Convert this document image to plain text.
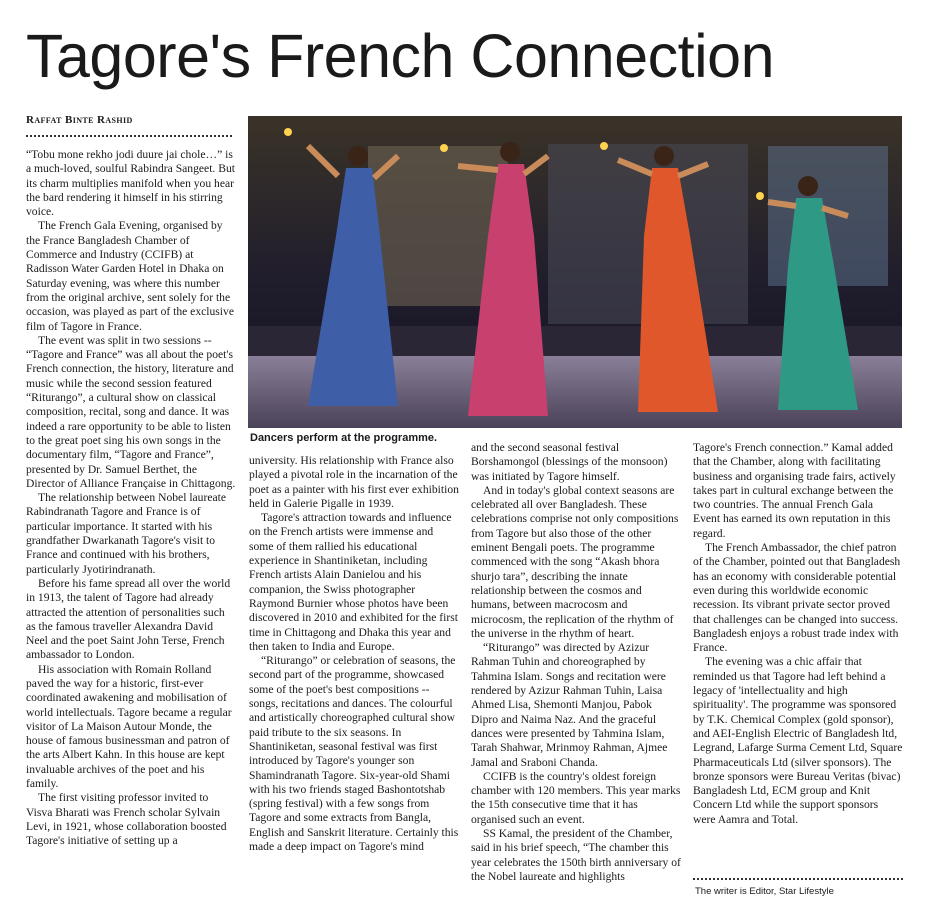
Tagore's French Connection
Raffat Binte Rashid
Dancers perform at the programme.

“Tobu mone rekho jodi duure jai chole…” is a much-loved, soulful Rabindra Sangeet. But its charm multiplies manifold when you hear the bard rendering it himself in his stirring voice.

The French Gala Evening, organised by the France Bangladesh Chamber of Commerce and Industry (CCIFB) at Radisson Water Garden Hotel in Dhaka on Saturday evening, was where this number from the original archive, sent solely for the occasion, was played as part of the exclusive film of Tagore in France.

The event was split in two sessions -- “Tagore and France” was all about the poet's French connection, the history, literature and music while the second session featured “Riturango”, a cultural show on classical composition, recital, song and dance. It was indeed a rare opportunity to be able to listen to the great poet sing his own songs in the documentary film, “Tagore and France”, presented by Dr. Samuel Berthet, the Director of Alliance Française in Chittagong.

The relationship between Nobel laureate Rabindranath Tagore and France is of particular importance. It started with his grandfather Dwarkanath Tagore's visit to France and continued with his brothers, particularly Jyotirindranath.

Before his fame spread all over the world in 1913, the talent of Tagore had already attracted the attention of personalities such as the famous traveller Alexandra David Neel and the poet Saint John Terse, French ambassador to London.

His association with Romain Rolland paved the way for a historic, first-ever coordinated awakening and mobilisation of world intellectuals. Tagore became a regular visitor of La Maison Autour Monde, the house of famous businessman and patron of the arts Albert Kahn. In this house are kept invaluable archives of the poet and his family.

The first visiting professor invited to Visva Bharati was French scholar Sylvain Levi, in 1921, whose collaboration boosted Tagore's initiative of setting up a

university. His relationship with France also played a pivotal role in the incarnation of the poet as a painter with his first ever exhibition held in Galerie Pigalle in 1939.

Tagore's attraction towards and influence on the French artists were immense and some of them rallied his educational experience in Shantiniketan, including French artists Alain Danielou and his companion, the Swiss photographer Raymond Burnier whose photos have been discovered in 2010 and exhibited for the first time in Chittagong and Dhaka this year and then taken to India and Europe.

“Riturango” or celebration of seasons, the second part of the programme, showcased some of the poet's best compositions -- songs, recitations and dances. The colourful and artistically choreographed cultural show paid tribute to the six seasons. In Shantiniketan, seasonal festival was first introduced by Tagore's younger son Shamindranath Tagore. Six-year-old Shami with his two friends staged Bashontotshab (spring festival) with a few songs from Tagore and some extracts from Bangla, English and Sanskrit literature. Certainly this made a deep impact on Tagore's mind

and the second seasonal festival Borshamongol (blessings of the monsoon) was initiated by Tagore himself.

And in today's global context seasons are celebrated all over Bangladesh. These celebrations comprise not only compositions from Tagore but also those of the other eminent Bengali poets. The programme commenced with the song “Akash bhora shurjo tara”, describing the innate relationship between the cosmos and humans, between macrocosm and microcosm, the replication of the rhythm of the universe in the rhythm of heart.

“Riturango” was directed by Azizur Rahman Tuhin and choreographed by Tahmina Islam. Songs and recitation were rendered by Azizur Rahman Tuhin, Laisa Ahmed Lisa, Shemonti Manjou, Pabok Dipro and Naima Naz. And the graceful dances were presented by Tahmina Islam, Tarah Shahwar, Mrinmoy Rahman, Ajmee Jamal and Sraboni Chanda.

CCIFB is the country's oldest foreign chamber with 120 members. This year marks the 15th consecutive time that it has organised such an event.

SS Kamal, the president of the Chamber, said in his brief speech, “The chamber this year celebrates the 150th birth anniversary of the Nobel laureate and highlights

Tagore's French connection.” Kamal added that the Chamber, along with facilitating business and organising trade fairs, actively takes part in cultural exchange between the two countries. The annual French Gala Event has earned its own reputation in this regard.

The French Ambassador, the chief patron of the Chamber, pointed out that Bangladesh has an economy with considerable potential even during this worldwide economic recession. Its vibrant private sector proved that challenges can be changed into success. Bangladesh enjoys a robust trade index with France.

The evening was a chic affair that reminded us that Tagore had left behind a legacy of 'intellectuality and high spirituality'. The programme was sponsored by T.K. Chemical Complex (gold sponsor), and AEI-English Electric of Bangladesh ltd, Legrand, Lafarge Surma Cement Ltd, Square Pharmaceuticals Ltd (silver sponsors). The bronze sponsors were Bureau Veritas (bivac) Bangladesh Ltd, ECM group and Knit Concern Ltd while the support sponsors were Aamra and Total.

The writer is Editor, Star Lifestyle
